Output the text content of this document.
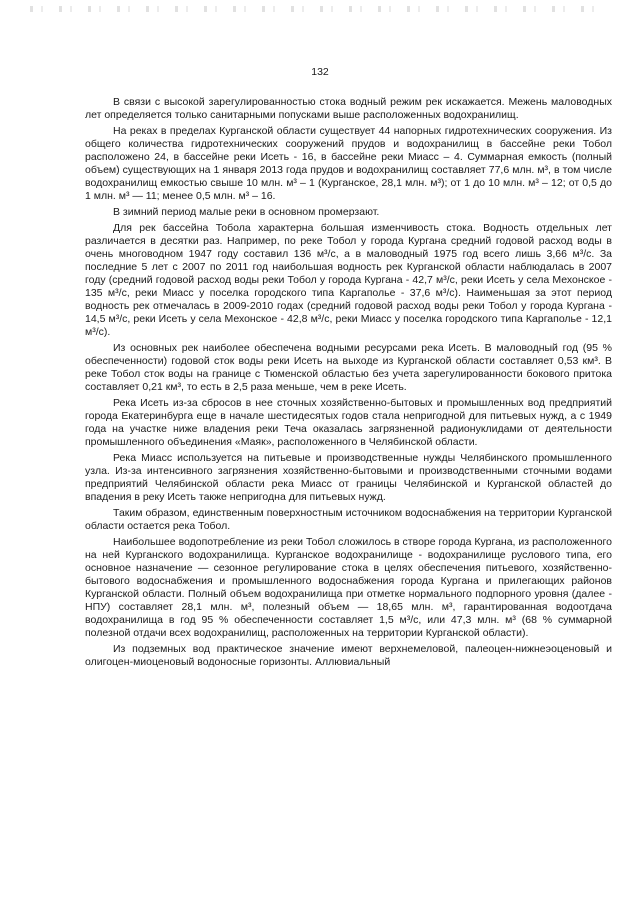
132

В связи с высокой зарегулированностью стока водный режим рек искажается. Межень маловодных лет определяется только санитарными попусками выше расположенных водохранилищ.

На реках в пределах Курганской области существует 44 напорных гидротехнических сооружения. Из общего количества гидротехнических сооружений прудов и водохранилищ в бассейне реки Тобол расположено 24, в бассейне реки Исеть - 16, в бассейне реки Миасс – 4. Суммарная емкость (полный объем) существующих на 1 января 2013 года прудов и водохранилищ составляет 77,6 млн. м³, в том числе водохранилищ емкостью свыше 10 млн. м³ – 1 (Курганское, 28,1 млн. м³); от 1 до 10 млн. м³ – 12; от 0,5 до 1 млн. м³ — 11; менее 0,5 млн. м³ – 16.

В зимний период малые реки в основном промерзают.

Для рек бассейна Тобола характерна большая изменчивость стока. Водность отдельных лет различается в десятки раз. Например, по реке Тобол у города Кургана средний годовой расход воды в очень многоводном 1947 году составил 136 м³/с, а в маловодный 1975 год всего лишь 3,66 м³/с. За последние 5 лет с 2007 по 2011 год наибольшая водность рек Курганской области наблюдалась в 2007 году (средний годовой расход воды реки Тобол у города Кургана - 42,7 м³/с, реки Исеть у села Мехонское - 135 м³/с, реки Миасс у поселка городского типа Каргаполье - 37,6 м³/с). Наименьшая за этот период водность рек отмечалась в 2009-2010 годах (средний годовой расход воды реки Тобол у города Кургана - 14,5 м³/с, реки Исеть у села Мехонское - 42,8 м³/с, реки Миасс у поселка городского типа Каргаполье - 12,1 м³/с).

Из основных рек наиболее обеспечена водными ресурсами река Исеть. В маловодный год (95 % обеспеченности) годовой сток воды реки Исеть на выходе из Курганской области составляет 0,53 км³. В реке Тобол сток воды на границе с Тюменской областью без учета зарегулированности бокового притока составляет 0,21 км³, то есть в 2,5 раза меньше, чем в реке Исеть.

Река Исеть из-за сбросов в нее сточных хозяйственно-бытовых и промышленных вод предприятий города Екатеринбурга еще в начале шестидесятых годов стала непригодной для питьевых нужд, а с 1949 года на участке ниже владения реки Теча оказалась загрязненной радионуклидами от деятельности промышленного объединения «Маяк», расположенного в Челябинской области.

Река Миасс используется на питьевые и производственные нужды Челябинского промышленного узла. Из-за интенсивного загрязнения хозяйственно-бытовыми и производственными сточными водами предприятий Челябинской области река Миасс от границы Челябинской и Курганской областей до впадения в реку Исеть также непригодна для питьевых нужд.

Таким образом, единственным поверхностным источником водоснабжения на территории Курганской области остается река Тобол.

Наибольшее водопотребление из реки Тобол сложилось в створе города Кургана, из расположенного на ней Курганского водохранилища. Курганское водохранилище - водохранилище руслового типа, его основное назначение — сезонное регулирование стока в целях обеспечения питьевого, хозяйственно-бытового водоснабжения и промышленного водоснабжения города Кургана и прилегающих районов Курганской области. Полный объем водохранилища при отметке нормального подпорного уровня (далее - НПУ) составляет 28,1 млн. м³, полезный объем — 18,65 млн. м³, гарантированная водоотдача водохранилища в год 95 % обеспеченности составляет 1,5 м³/с, или 47,3 млн. м³ (68 % суммарной полезной отдачи всех водохранилищ, расположенных на территории Курганской области).

Из подземных вод практическое значение имеют верхнемеловой, палеоцен-нижнеэоценовый и олигоцен-миоценовый водоносные горизонты. Аллювиальный
